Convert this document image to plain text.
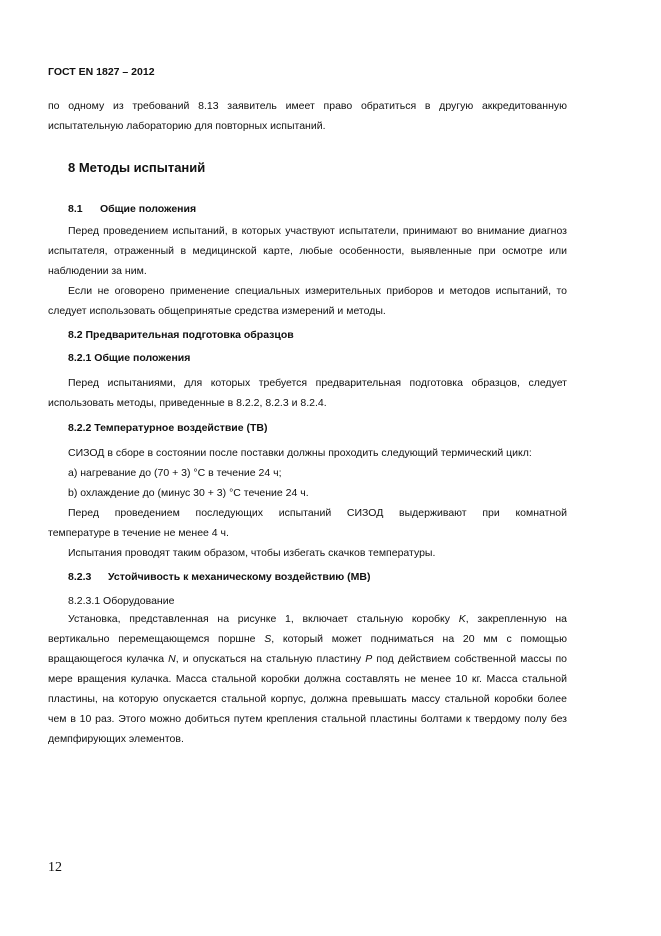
ГОСТ EN 1827 – 2012
по одному из требований 8.13 заявитель имеет право обратиться в другую аккредитованную испытательную лабораторию для повторных испытаний.
8 Методы испытаний
8.1 Общие положения
Перед проведением испытаний, в которых участвуют испытатели, принимают во внимание диагноз испытателя, отраженный в медицинской карте, любые особенности, выявленные при осмотре или наблюдении за ним.
Если не оговорено применение специальных измерительных приборов и методов испытаний, то следует использовать общепринятые средства измерений и методы.
8.2 Предварительная подготовка образцов
8.2.1 Общие положения
Перед испытаниями, для которых требуется предварительная подготовка образцов, следует использовать методы, приведенные в 8.2.2, 8.2.3 и 8.2.4.
8.2.2 Температурное воздействие (ТВ)
СИЗОД в сборе в состоянии после поставки должны проходить следующий термический цикл:
a) нагревание до (70 + 3) °С в течение 24 ч;
b) охлаждение до (минус 30 + 3) °С течение 24 ч.
Перед проведением последующих испытаний СИЗОД выдерживают при комнатной
температуре в течение не менее 4 ч.
Испытания проводят таким образом, чтобы избегать скачков температуры.
8.2.3 Устойчивость к механическому воздействию (МВ)
8.2.3.1 Оборудование
Установка, представленная на рисунке 1, включает стальную коробку K, закрепленную на вертикально перемещающемся поршне S, который может подниматься на 20 мм с помощью вращающегося кулачка N, и опускаться на стальную пластину P под действием собственной массы по мере вращения кулачка. Масса стальной коробки должна составлять не менее 10 кг. Масса стальной пластины, на которую опускается стальной корпус, должна превышать массу стальной коробки более чем в 10 раз. Этого можно добиться путем крепления стальной пластины болтами к твердому полу без демпфирующих элементов.
12
